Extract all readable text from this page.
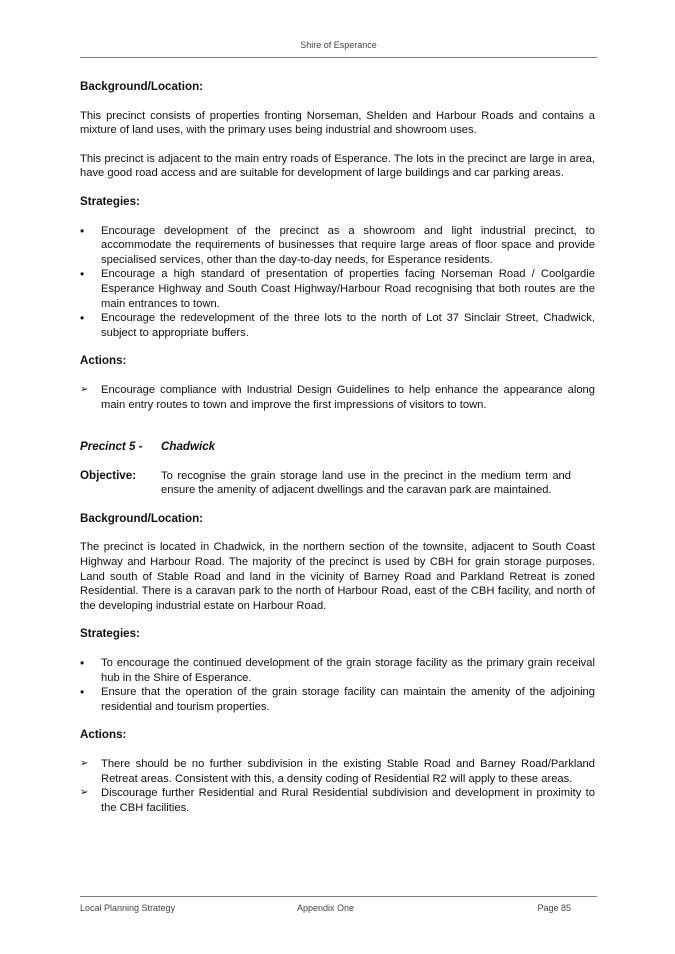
Shire of Esperance
Background/Location:

This precinct consists of properties fronting Norseman, Shelden and Harbour Roads and contains a mixture of land uses, with the primary uses being industrial and showroom uses.

This precinct is adjacent to the main entry roads of Esperance. The lots in the precinct are large in area, have good road access and are suitable for development of large buildings and car parking areas.

Strategies:
• Encourage development of the precinct as a showroom and light industrial precinct, to accommodate the requirements of businesses that require large areas of floor space and provide specialised services, other than the day-to-day needs, for Esperance residents.
• Encourage a high standard of presentation of properties facing Norseman Road / Coolgardie Esperance Highway and South Coast Highway/Harbour Road recognising that both routes are the main entrances to town.
• Encourage the redevelopment of the three lots to the north of Lot 37 Sinclair Street, Chadwick, subject to appropriate buffers.
Actions:
➢ Encourage compliance with Industrial Design Guidelines to help enhance the appearance along main entry routes to town and improve the first impressions of visitors to town.
Precinct 5 - Chadwick
Objective:	To recognise the grain storage land use in the precinct in the medium term and ensure the amenity of adjacent dwellings and the caravan park are maintained.
Background/Location:

The precinct is located in Chadwick, in the northern section of the townsite, adjacent to South Coast Highway and Harbour Road. The majority of the precinct is used by CBH for grain storage purposes. Land south of Stable Road and land in the vicinity of Barney Road and Parkland Retreat is zoned Residential. There is a caravan park to the north of Harbour Road, east of the CBH facility, and north of the developing industrial estate on Harbour Road.

Strategies:
• To encourage the continued development of the grain storage facility as the primary grain receival hub in the Shire of Esperance.
• Ensure that the operation of the grain storage facility can maintain the amenity of the adjoining residential and tourism properties.
Actions:
➢ There should be no further subdivision in the existing Stable Road and Barney Road/Parkland Retreat areas. Consistent with this, a density coding of Residential R2 will apply to these areas.
➢ Discourage further Residential and Rural Residential subdivision and development in proximity to the CBH facilities.
Local Planning Strategy	Appendix One	Page 85
